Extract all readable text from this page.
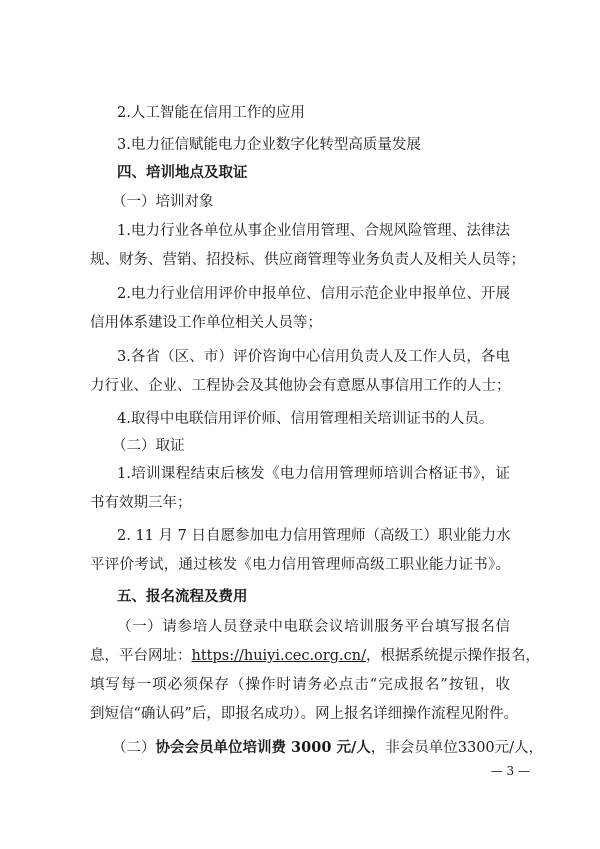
2.人工智能在信用工作的应用
3.电力征信赋能电力企业数字化转型高质量发展
四、培训地点及取证
（一）培训对象
1.电力行业各单位从事企业信用管理、合规风险管理、法律法
规、财务、营销、招投标、供应商管理等业务负责人及相关人员等；
2.电力行业信用评价申报单位、信用示范企业申报单位、开展
信用体系建设工作单位相关人员等；
3.各省（区、市）评价咨询中心信用负责人及工作人员，各电
力行业、企业、工程协会及其他协会有意愿从事信用工作的人士；
4.取得中电联信用评价师、信用管理相关培训证书的人员。
（二）取证
1.培训课程结束后核发《电力信用管理师培训合格证书》，证
书有效期三年；
2. 11 月 7 日自愿参加电力信用管理师（高级工）职业能力水
平评价考试，通过核发《电力信用管理师高级工职业能力证书》。
五、报名流程及费用
（一）请参培人员登录中电联会议培训服务平台填写报名信
息，平台网址：https://huiyi.cec.org.cn/，根据系统提示操作报名，
填写每一项必须保存（操作时请务必点击“完成报名”按钮，收
到短信“确认码”后，即报名成功）。网上报名详细操作流程见附件。
（二）协会会员单位培训费 3000 元/人，非会员单位3300元/人，
— 3 —
